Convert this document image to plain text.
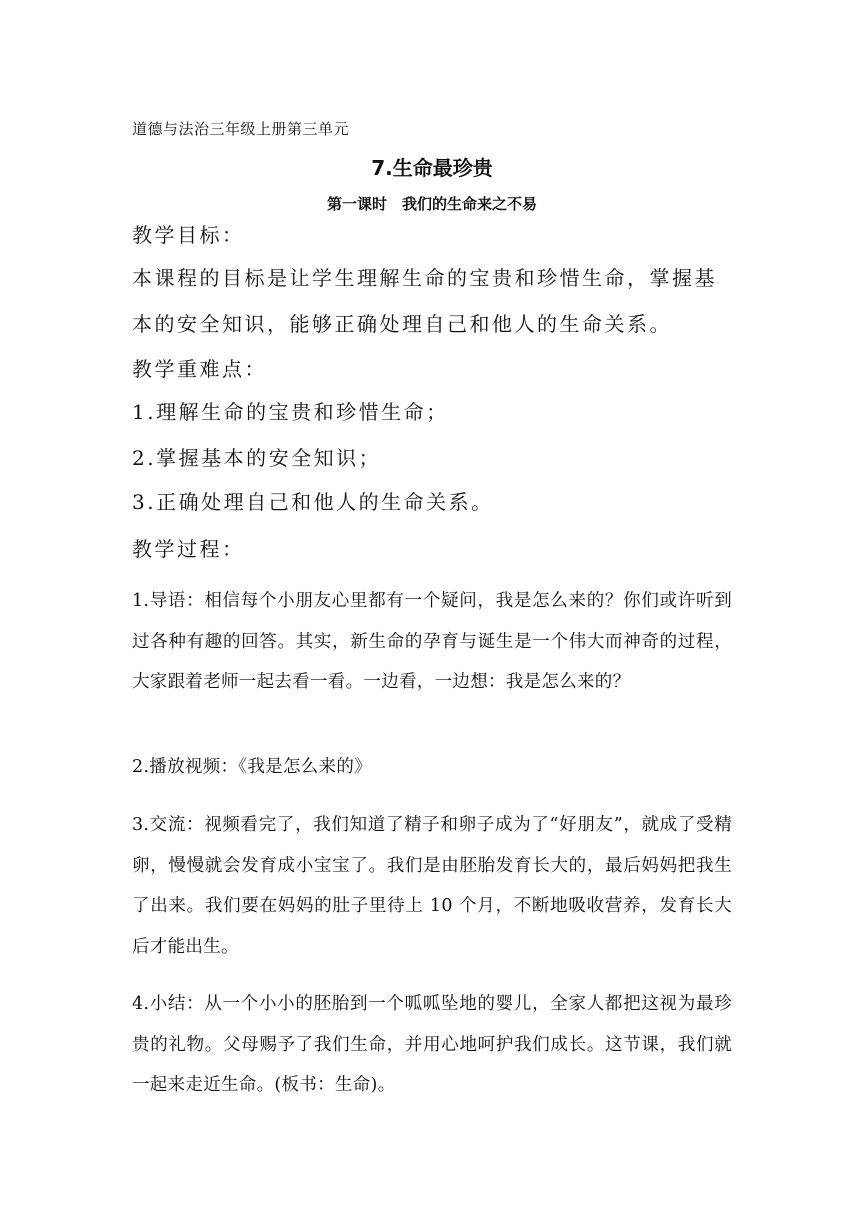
道德与法治三年级上册第三单元
7.生命最珍贵
第一课时　我们的生命来之不易
教学目标：
本课程的目标是让学生理解生命的宝贵和珍惜生命，掌握基
本的安全知识，能够正确处理自己和他人的生命关系。
教学重难点：
1.理解生命的宝贵和珍惜生命；
2.掌握基本的安全知识；
3.正确处理自己和他人的生命关系。
教学过程：
1.导语：相信每个小朋友心里都有一个疑问，我是怎么来的？你们或许听到过各种有趣的回答。其实，新生命的孕育与诞生是一个伟大而神奇的过程，大家跟着老师一起去看一看。一边看，一边想：我是怎么来的？
2.播放视频：《我是怎么来的》
3.交流：视频看完了，我们知道了精子和卵子成为了“好朋友”，就成了受精卵，慢慢就会发育成小宝宝了。我们是由胚胎发育长大的，最后妈妈把我生了出来。我们要在妈妈的肚子里待上 10 个月，不断地吸收营养，发育长大后才能出生。
4.小结：从一个小小的胚胎到一个呱呱坠地的婴儿，全家人都把这视为最珍贵的礼物。父母赐予了我们生命，并用心地呵护我们成长。这节课，我们就一起来走近生命。(板书：生命)。
